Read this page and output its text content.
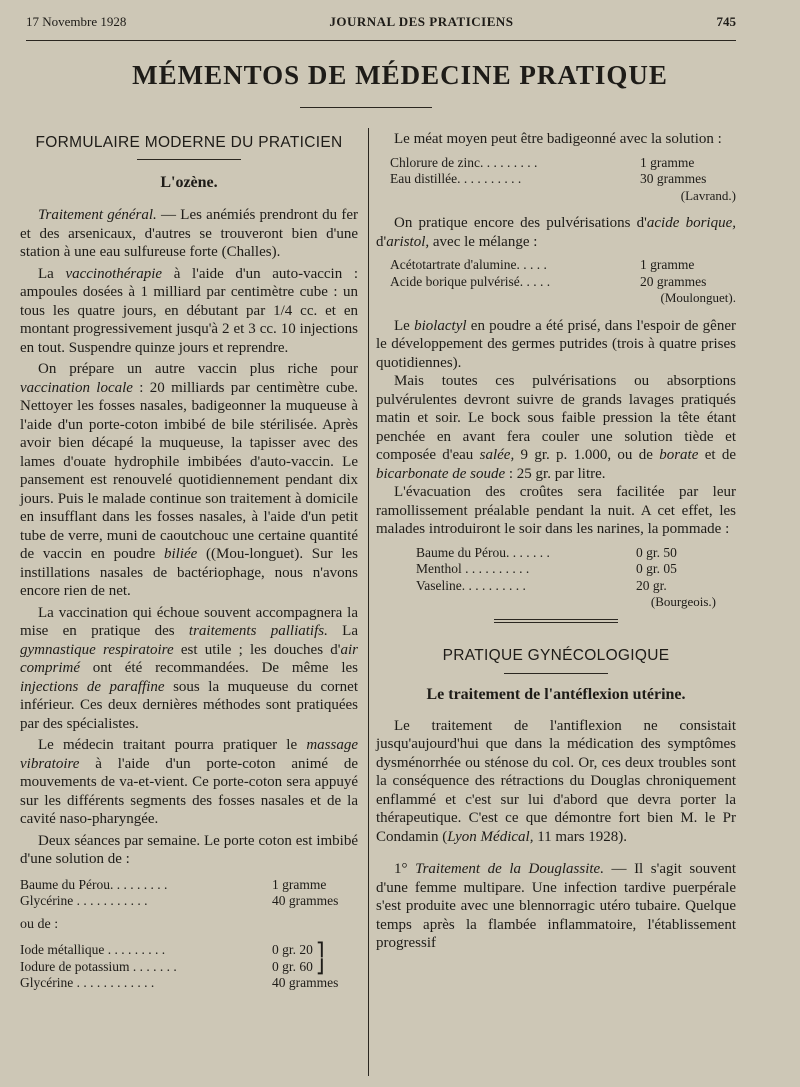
17 Novembre 1928	JOURNAL DES PRATICIENS	745
MÉMENTOS DE MÉDECINE PRATIQUE
FORMULAIRE MODERNE DU PRATICIEN
L'ozène.

Traitement général. — Les anémiés prendront du fer et des arsenicaux, d'autres se trouveront bien d'une station à une eau sulfureuse forte (Challes).

La vaccinothérapie à l'aide d'un auto-vaccin : ampoules dosées à 1 milliard par centimètre cube : un tous les quatre jours, en débutant par 1/4 cc. et en montant progressivement jusqu'à 2 et 3 cc. 10 injections en tout. Suspendre quinze jours et reprendre.

On prépare un autre vaccin plus riche pour vaccination locale : 20 milliards par centimètre cube. Nettoyer les fosses nasales, badigeonner la muqueuse à l'aide d'un porte-coton imbibé de bile stérilisée. Après avoir bien décapé la muqueuse, la tapisser avec des lames d'ouate hydrophile imbibées d'auto-vaccin. Le pansement est renouvelé quotidiennement pendant dix jours. Puis le malade continue son traitement à domicile en insufflant dans les fosses nasales, à l'aide d'un petit tube de verre, muni de caoutchouc une certaine quantité de vaccin en poudre biliée ((Mou-longuet). Sur les instillations nasales de bactériophage, nous n'avons encore rien de net.

La vaccination qui échoue souvent accompagnera la mise en pratique des traitements palliatifs. La gymnastique respiratoire est utile ; les douches d'air comprimé ont été recommandées. De même les injections de paraffine sous la muqueuse du cornet inférieur. Ces deux dernières méthodes sont pratiquées par des spécialistes.

Le médecin traitant pourra pratiquer le massage vibratoire à l'aide d'un porte-coton animé de mouvements de va-et-vient. Ce porte-coton sera appuyé sur les différents segments des fosses nasales et de la cavité naso-pharyngée.

Deux séances par semaine. Le porte coton est imbibé d'une solution de :

Baume du Pérou. . . . . . . . .	1 gramme
Glycérine . . . . . . . . . . .	40 grammes
ou de :
Iode métallique . . . . . . . . .	0 gr. 20 ⎤
Iodure de potassium . . . . . . .	0 gr. 60 ⎦
Glycérine . . . . . . . . . . . .	40 grammes

Le méat moyen peut être badigeonné avec la solution :

Chlorure de zinc. . . . . . . . .	1 gramme
Eau distillée. . . . . . . . . .	30 grammes
(Lavrand.)

On pratique encore des pulvérisations d'acide borique, d'aristol, avec le mélange :

Acétotartrate d'alumine. . . . .	1 gramme
Acide borique pulvérisé. . . . .	20 grammes
(Moulonguet).

Le biolactyl en poudre a été prisé, dans l'espoir de gêner le développement des germes putrides (trois à quatre prises quotidiennes).

Mais toutes ces pulvérisations ou absorptions pulvérulentes devront suivre de grands lavages pratiqués matin et soir. Le bock sous faible pression la tête étant penchée en avant fera couler une solution tiède et composée d'eau salée, 9 gr. p. 1.000, ou de borate et de bicarbonate de soude : 25 gr. par litre.

L'évacuation des croûtes sera facilitée par leur ramollissement préalable pendant la nuit. A cet effet, les malades introduiront le soir dans les narines, la pommade :

Baume du Pérou. . . . . . .	0 gr. 50
Menthol . . . . . . . . . .	0 gr. 05
Vaseline. . . . . . . . . .	20 gr.
(Bourgeois.)
PRATIQUE GYNÉCOLOGIQUE
Le traitement de l'antéflexion utérine.

Le traitement de l'antiflexion ne consistait jusqu'aujourd'hui que dans la médication des symptômes dysménorrhée ou sténose du col. Or, ces deux troubles sont la conséquence des rétractions du Douglas chroniquement enflammé et c'est sur lui d'abord que devra porter la thérapeutique. C'est ce que démontre fort bien M. le Pr Condamin (Lyon Médical, 11 mars 1928).

1° Traitement de la Douglassite. — Il s'agit souvent d'une femme multipare. Une infection tardive puerpérale s'est produite avec une blennorragic utéro tubaire. Quelque temps après la flambée inflammatoire, l'établissement progressif
